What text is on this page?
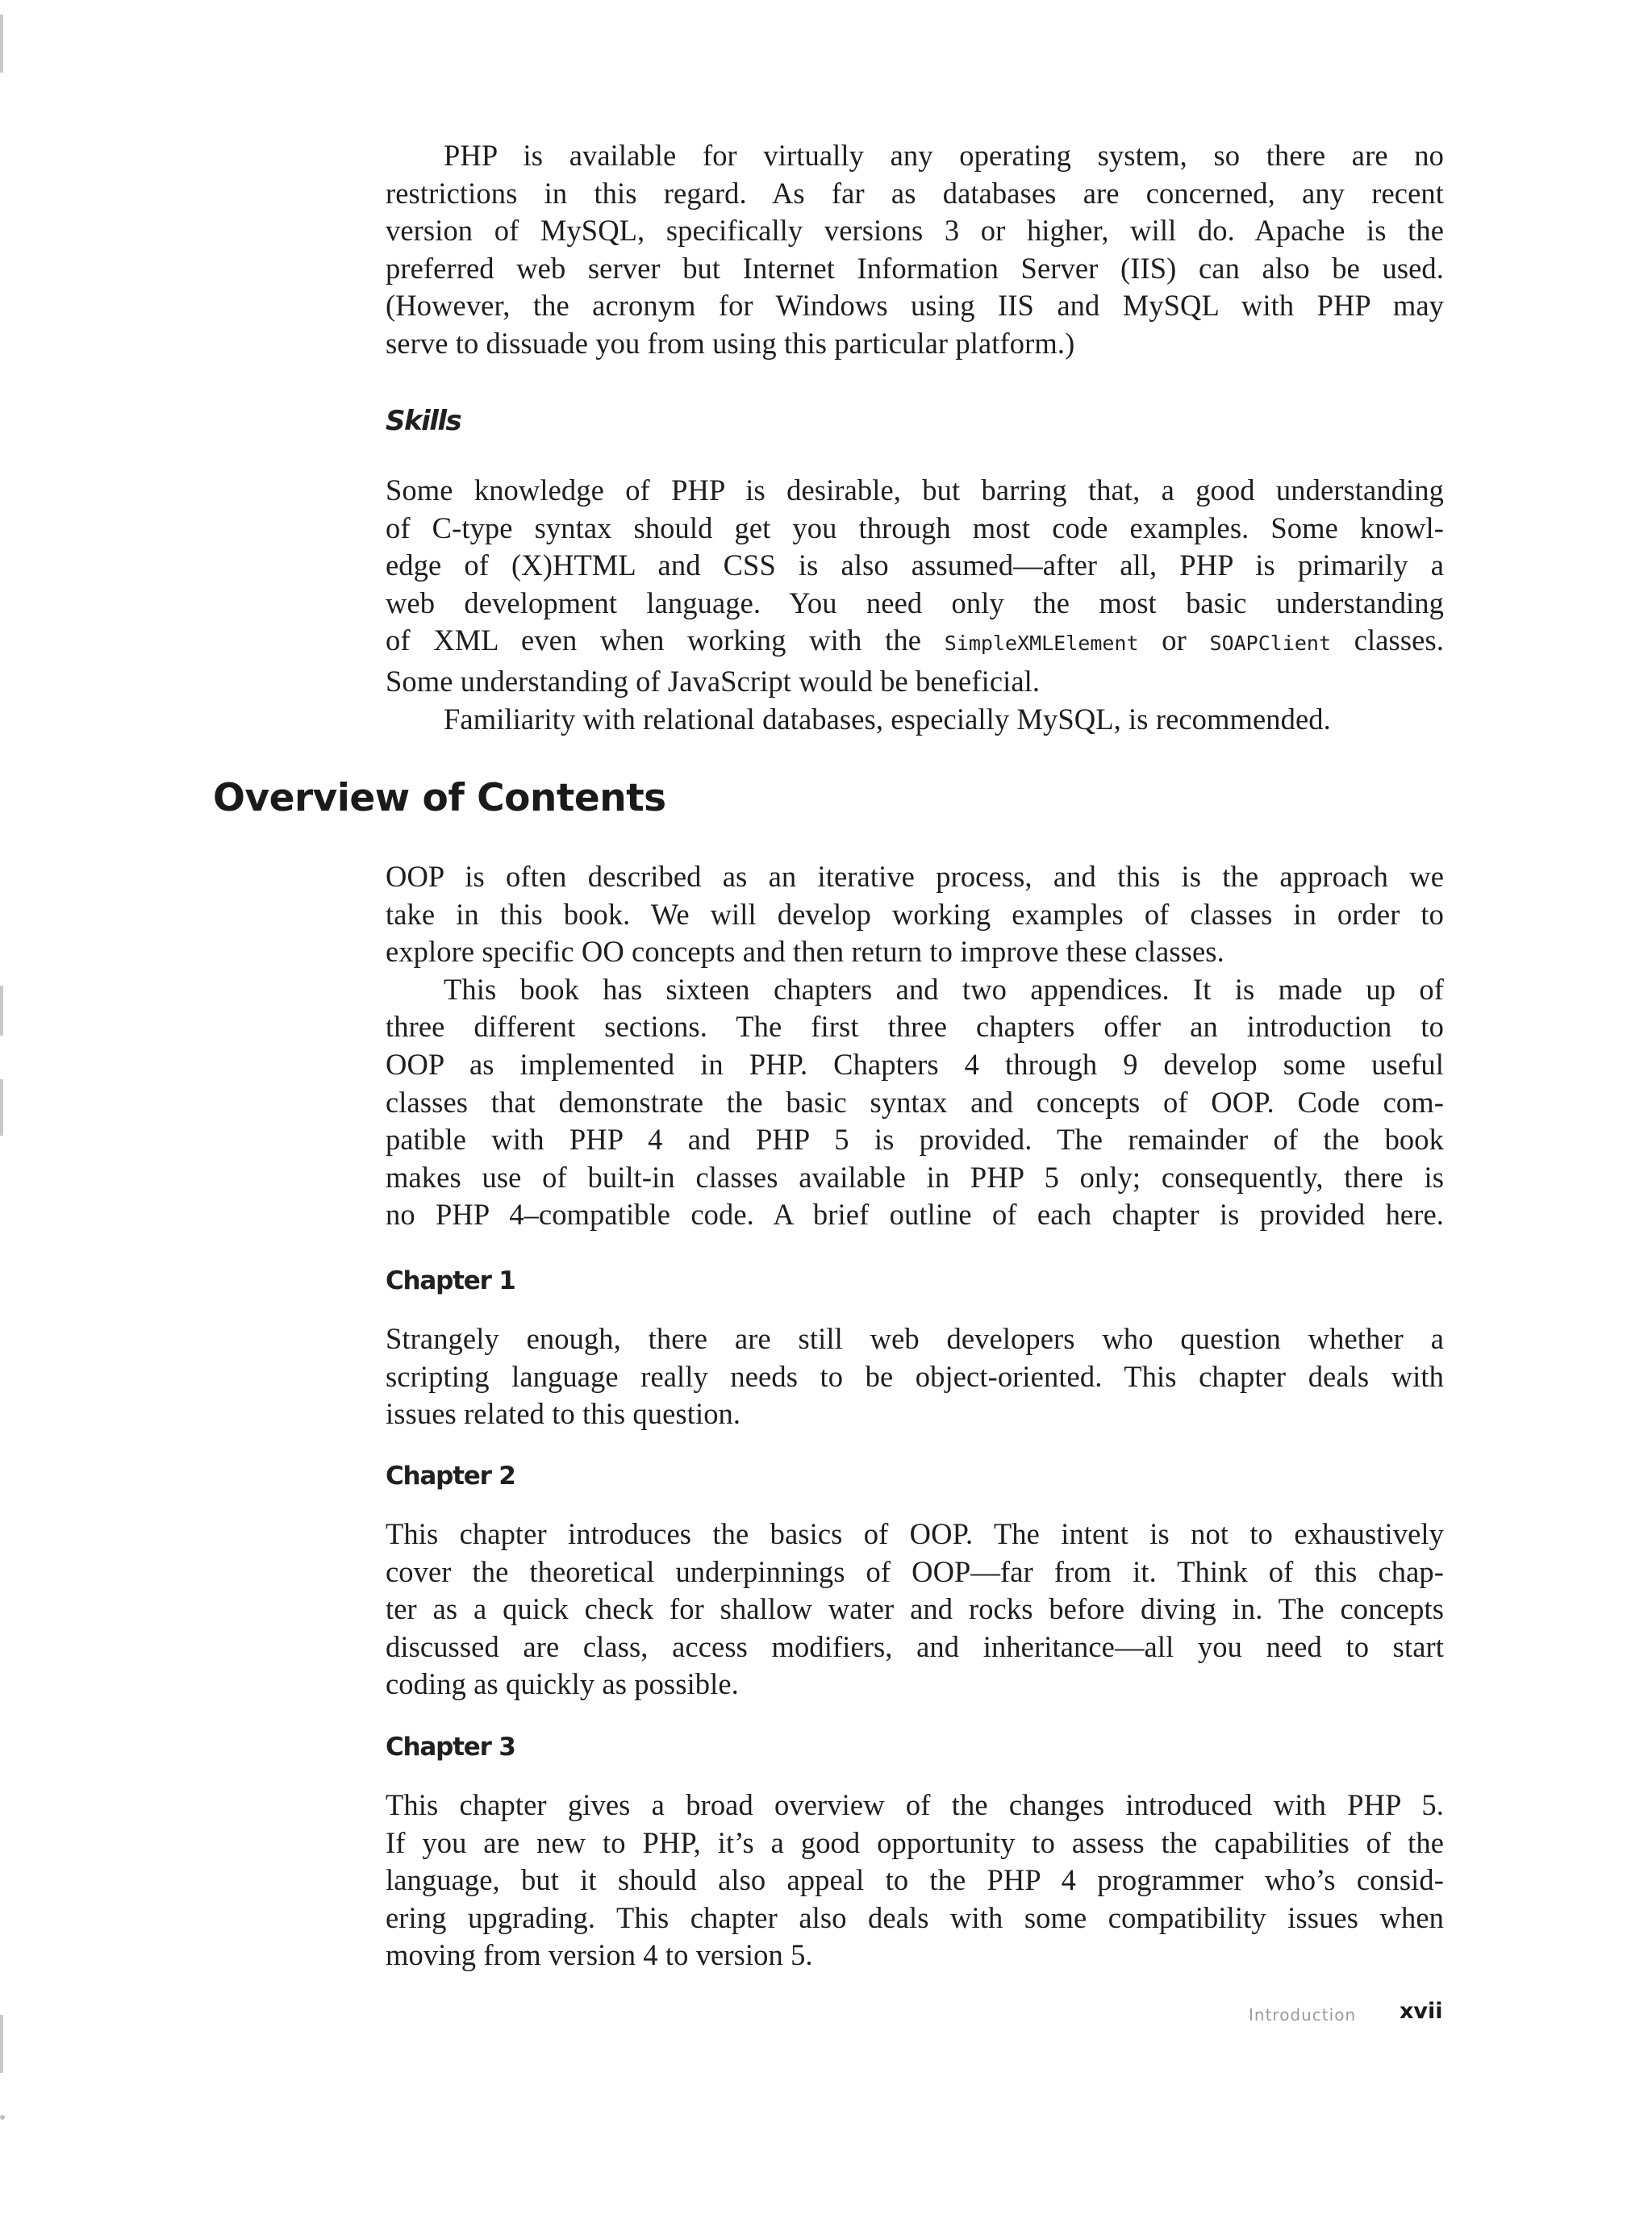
PHP is available for virtually any operating system, so there are no
restrictions in this regard. As far as databases are concerned, any recent
version of MySQL, specifically versions 3 or higher, will do. Apache is the
preferred web server but Internet Information Server (IIS) can also be used.
(However, the acronym for Windows using IIS and MySQL with PHP may
serve to dissuade you from using this particular platform.)

Skills

Some knowledge of PHP is desirable, but barring that, a good understanding
of C-type syntax should get you through most code examples. Some knowl-
edge of (X)HTML and CSS is also assumed—after all, PHP is primarily a
web development language. You need only the most basic understanding
of XML even when working with the SimpleXMLElement or SOAPClient classes.
Some understanding of JavaScript would be beneficial.

Familiarity with relational databases, especially MySQL, is recommended.

Overview of Contents

OOP is often described as an iterative process, and this is the approach we
take in this book. We will develop working examples of classes in order to
explore specific OO concepts and then return to improve these classes.

This book has sixteen chapters and two appendices. It is made up of
three different sections. The first three chapters offer an introduction to
OOP as implemented in PHP. Chapters 4 through 9 develop some useful
classes that demonstrate the basic syntax and concepts of OOP. Code com-
patible with PHP 4 and PHP 5 is provided. The remainder of the book
makes use of built-in classes available in PHP 5 only; consequently, there is
no PHP 4–compatible code. A brief outline of each chapter is provided here.

Chapter 1

Strangely enough, there are still web developers who question whether a
scripting language really needs to be object-oriented. This chapter deals with
issues related to this question.

Chapter 2

This chapter introduces the basics of OOP. The intent is not to exhaustively
cover the theoretical underpinnings of OOP—far from it. Think of this chap-
ter as a quick check for shallow water and rocks before diving in. The concepts
discussed are class, access modifiers, and inheritance—all you need to start
coding as quickly as possible.

Chapter 3

This chapter gives a broad overview of the changes introduced with PHP 5.
If you are new to PHP, it’s a good opportunity to assess the capabilities of the
language, but it should also appeal to the PHP 4 programmer who’s consid-
ering upgrading. This chapter also deals with some compatibility issues when
moving from version 4 to version 5.

Introduction xvii
